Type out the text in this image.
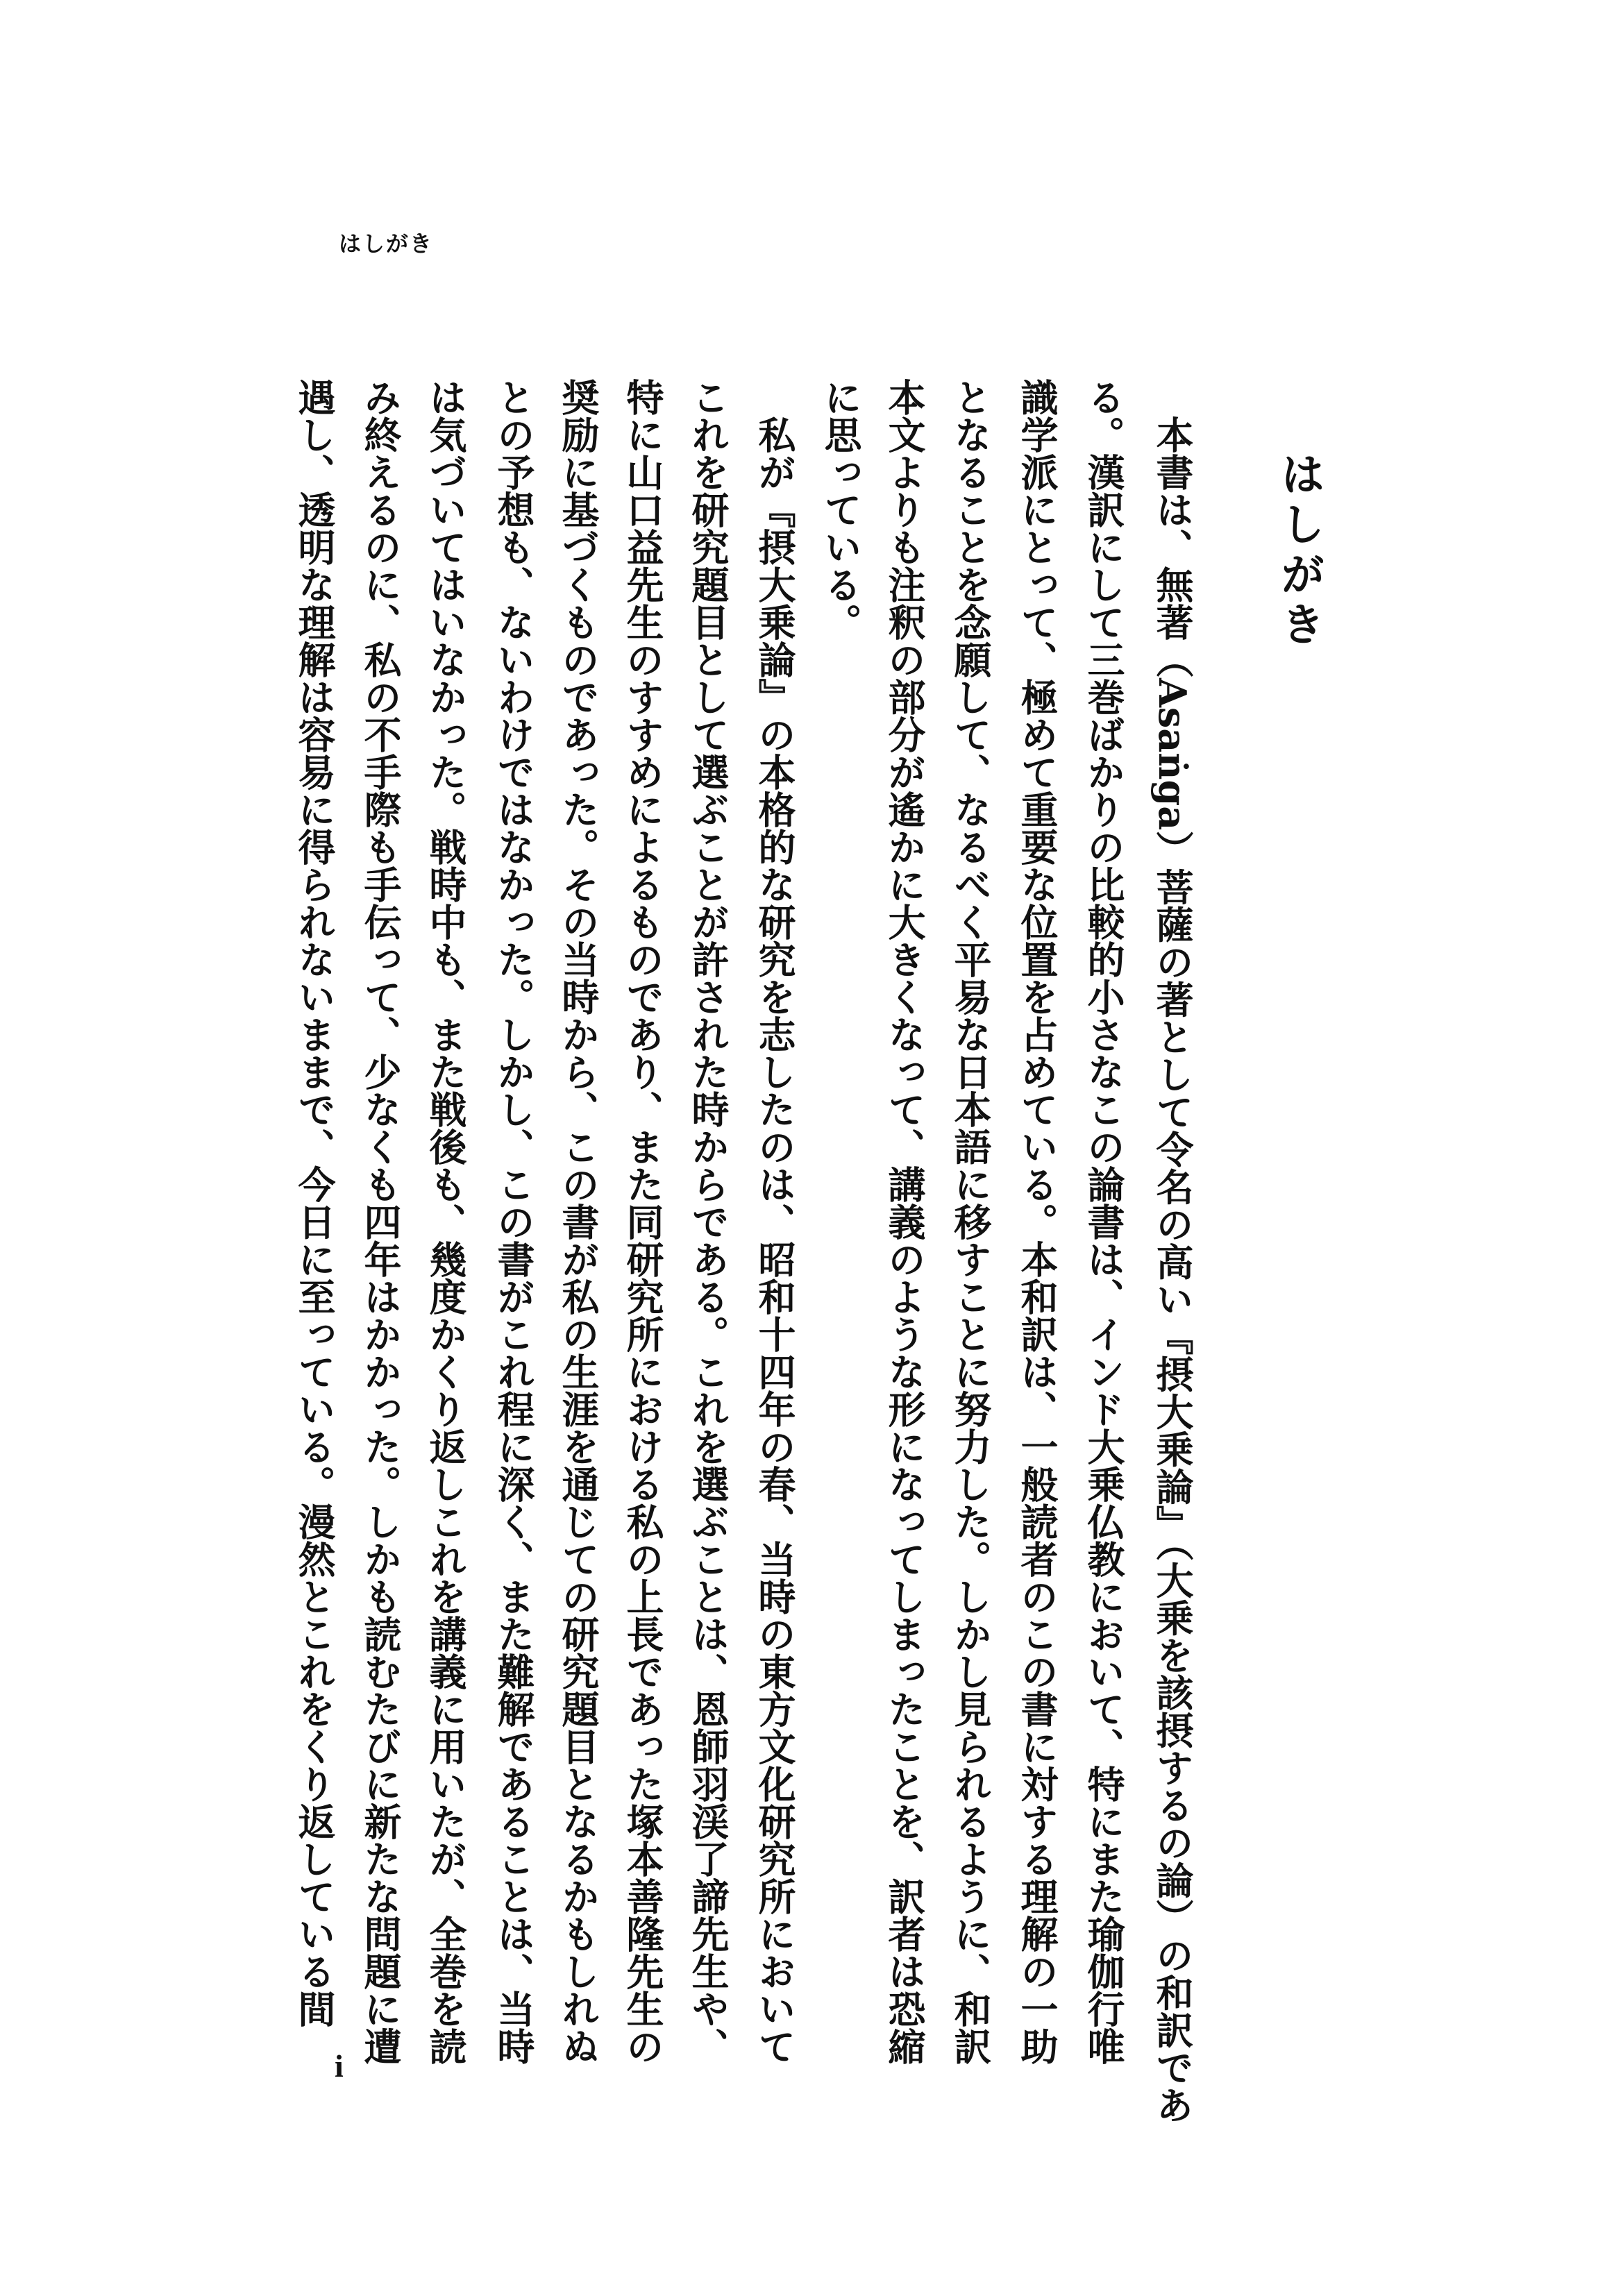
はしがき
はしがき
本書は、無著（Asaṅga）菩薩の著として令名の高い『摂大乗論』（大乗を該摂するの論）の和訳であ
る。漢訳にして三巻ばかりの比較的小さなこの論書は、インド大乗仏教において、特にまた瑜伽行唯
識学派にとって、極めて重要な位置を占めている。本和訳は、一般読者のこの書に対する理解の一助
となることを念願して、なるべく平易な日本語に移すことに努力した。しかし見られるように、和訳
本文よりも注釈の部分が遙かに大きくなって、講義のような形になってしまったことを、訳者は恐縮
に思っている。
私が『摂大乗論』の本格的な研究を志したのは、昭和十四年の春、当時の東方文化研究所において
これを研究題目として選ぶことが許された時からである。これを選ぶことは、恩師羽渓了諦先生や、
特に山口益先生のすすめによるものであり、また同研究所における私の上長であった塚本善隆先生の
奨励に基づくものであった。その当時から、この書が私の生涯を通じての研究題目となるかもしれぬ
との予想も、ないわけではなかった。しかし、この書がこれ程に深く、また難解であることは、当時
は気づいてはいなかった。戦時中も、また戦後も、幾度かくり返しこれを講義に用いたが、全巻を読
み終えるのに、私の不手際も手伝って、少なくも四年はかかった。しかも読むたびに新たな問題に遭
遇し、透明な理解は容易に得られないままで、今日に至っている。漫然とこれをくり返している間
i
